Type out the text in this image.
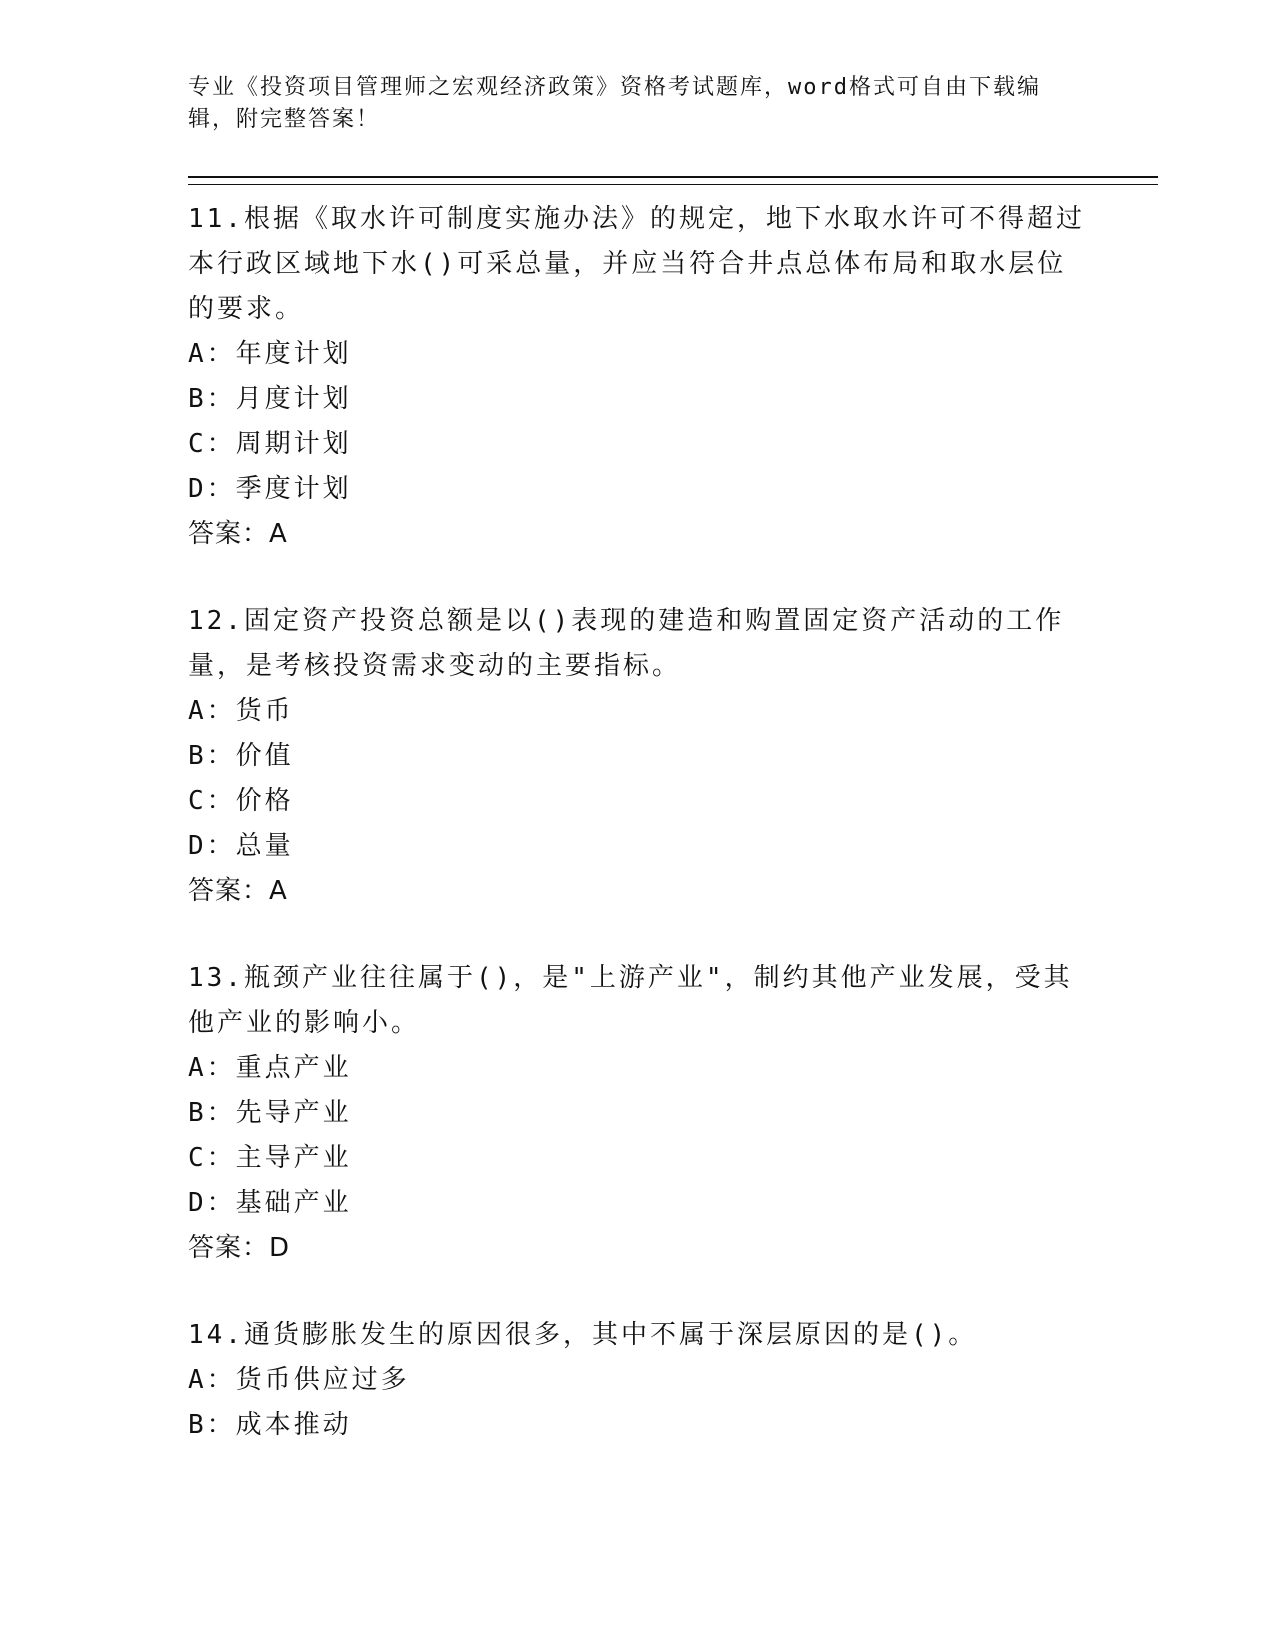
专业《投资项目管理师之宏观经济政策》资格考试题库，word格式可自由下载编
辑，附完整答案！
11.根据《取水许可制度实施办法》的规定，地下水取水许可不得超过本行政区域地下水()可采总量，并应当符合井点总体布局和取水层位的要求。
A：年度计划
B：月度计划
C：周期计划
D：季度计划
答案：A
12.固定资产投资总额是以()表现的建造和购置固定资产活动的工作量，是考核投资需求变动的主要指标。
A：货币
B：价值
C：价格
D：总量
答案：A
13.瓶颈产业往往属于()，是"上游产业"，制约其他产业发展，受其他产业的影响小。
A：重点产业
B：先导产业
C：主导产业
D：基础产业
答案：D
14.通货膨胀发生的原因很多，其中不属于深层原因的是()。
A：货币供应过多
B：成本推动
